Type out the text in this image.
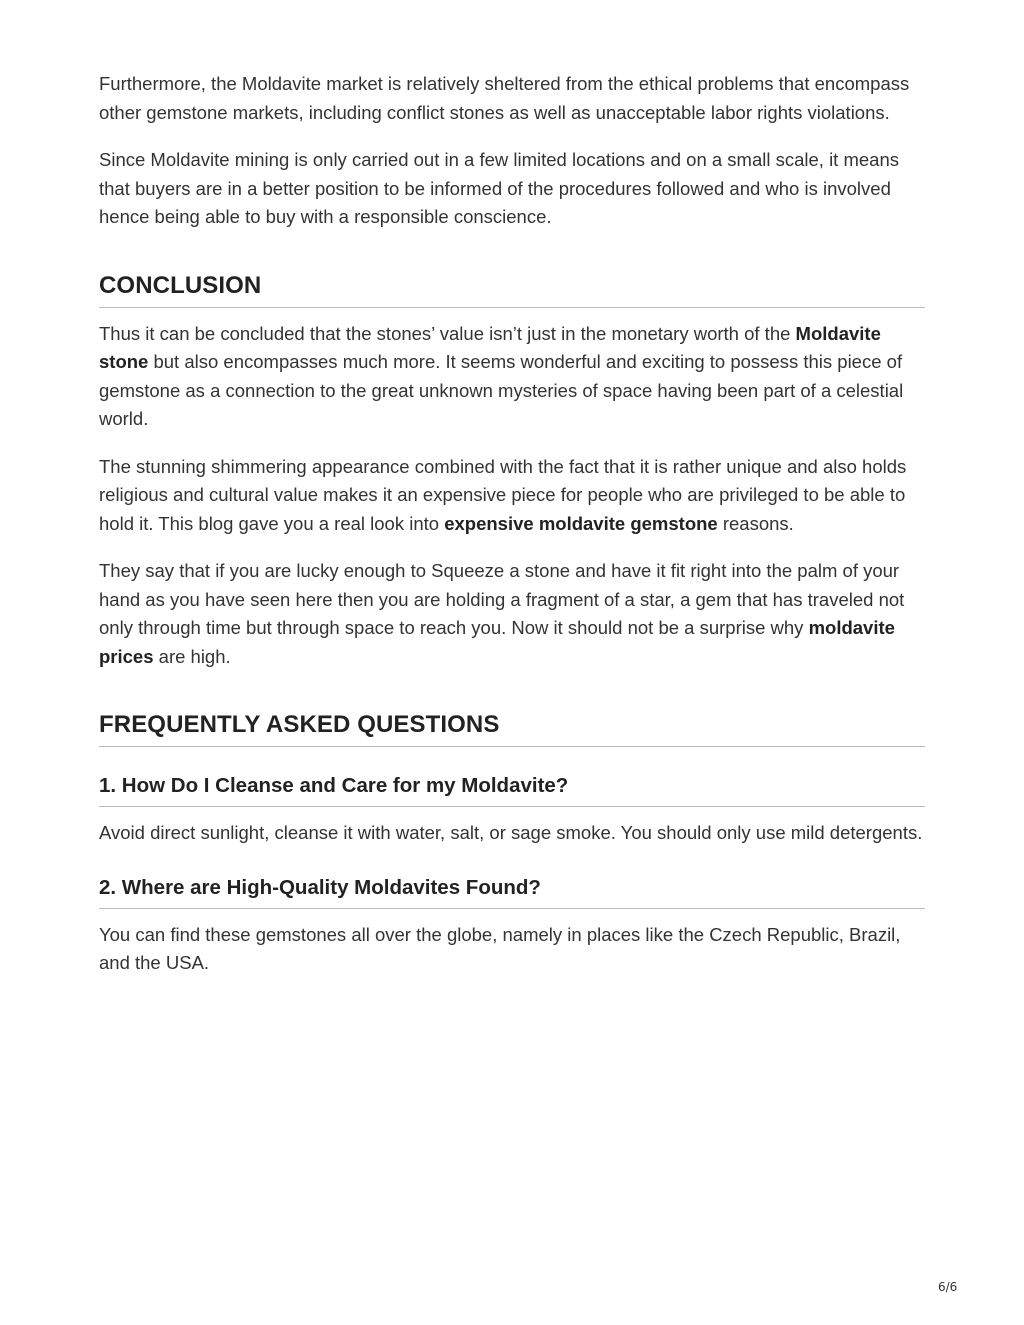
Furthermore, the Moldavite market is relatively sheltered from the ethical problems that encompass other gemstone markets, including conflict stones as well as unacceptable labor rights violations.

Since Moldavite mining is only carried out in a few limited locations and on a small scale, it means that buyers are in a better position to be informed of the procedures followed and who is involved hence being able to buy with a responsible conscience.

CONCLUSION

Thus it can be concluded that the stones’ value isn’t just in the monetary worth of the Moldavite stone but also encompasses much more. It seems wonderful and exciting to possess this piece of gemstone as a connection to the great unknown mysteries of space having been part of a celestial world.

The stunning shimmering appearance combined with the fact that it is rather unique and also holds religious and cultural value makes it an expensive piece for people who are privileged to be able to hold it. This blog gave you a real look into expensive moldavite gemstone reasons.

They say that if you are lucky enough to Squeeze a stone and have it fit right into the palm of your hand as you have seen here then you are holding a fragment of a star, a gem that has traveled not only through time but through space to reach you. Now it should not be a surprise why moldavite prices are high.

FREQUENTLY ASKED QUESTIONS
1. How Do I Cleanse and Care for my Moldavite?

Avoid direct sunlight, cleanse it with water, salt, or sage smoke. You should only use mild detergents.

2. Where are High-Quality Moldavites Found?

You can find these gemstones all over the globe, namely in places like the Czech Republic, Brazil, and the USA.

6/6
